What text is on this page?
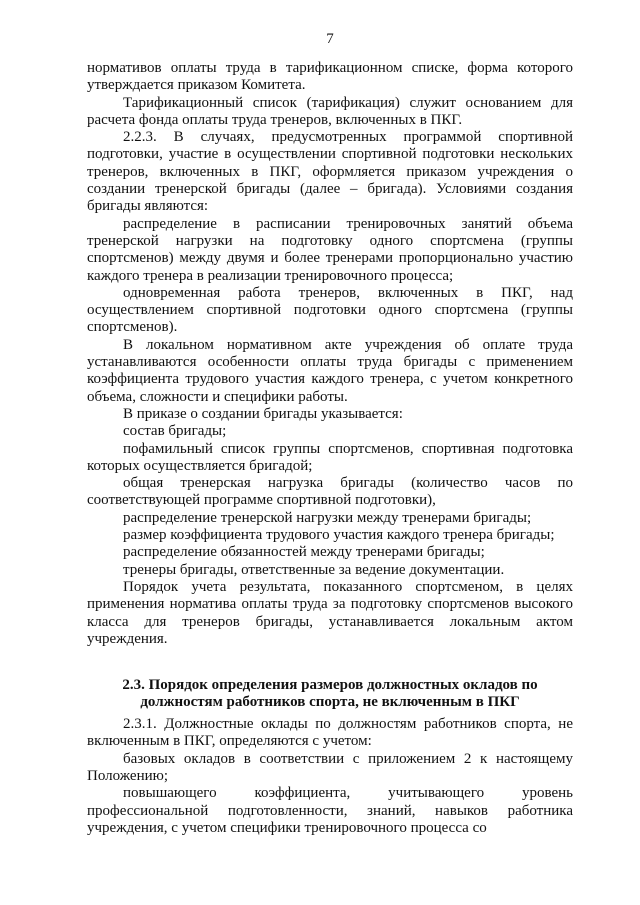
7

нормативов оплаты труда в тарификационном списке, форма которого утверждается приказом Комитета.

Тарификационный список (тарификация) служит основанием для расчета фонда оплаты труда тренеров, включенных в ПКГ.

2.2.3. В случаях, предусмотренных программой спортивной подготовки, участие в осуществлении спортивной подготовки нескольких тренеров, включенных в ПКГ, оформляется приказом учреждения о создании тренерской бригады (далее – бригада). Условиями создания бригады являются:

распределение в расписании тренировочных занятий объема тренерской нагрузки на подготовку одного спортсмена (группы спортсменов) между двумя и более тренерами пропорционально участию каждого тренера в реализации тренировочного процесса;

одновременная работа тренеров, включенных в ПКГ, над осуществлением спортивной подготовки одного спортсмена (группы спортсменов).

В локальном нормативном акте учреждения об оплате труда устанавливаются особенности оплаты труда бригады с применением коэффициента трудового участия каждого тренера, с учетом конкретного объема, сложности и специфики работы.

В приказе о создании бригады указывается:

состав бригады;

пофамильный список группы спортсменов, спортивная подготовка которых осуществляется бригадой;

общая тренерская нагрузка бригады (количество часов по соответствующей программе спортивной подготовки),

распределение тренерской нагрузки между тренерами бригады;

размер коэффициента трудового участия каждого тренера бригады;

распределение обязанностей между тренерами бригады;

тренеры бригады, ответственные за ведение документации.

Порядок учета результата, показанного спортсменом, в целях применения норматива оплаты труда за подготовку спортсменов высокого класса для тренеров бригады, устанавливается локальным актом учреждения.

2.3. Порядок определения размеров должностных окладов по
должностям работников спорта, не включенным в ПКГ

2.3.1. Должностные оклады по должностям работников спорта, не включенным в ПКГ, определяются с учетом:

базовых окладов в соответствии с приложением 2 к настоящему Положению;

повышающего коэффициента, учитывающего уровень профессиональной подготовленности, знаний, навыков работника учреждения, с учетом специфики тренировочного процесса со
